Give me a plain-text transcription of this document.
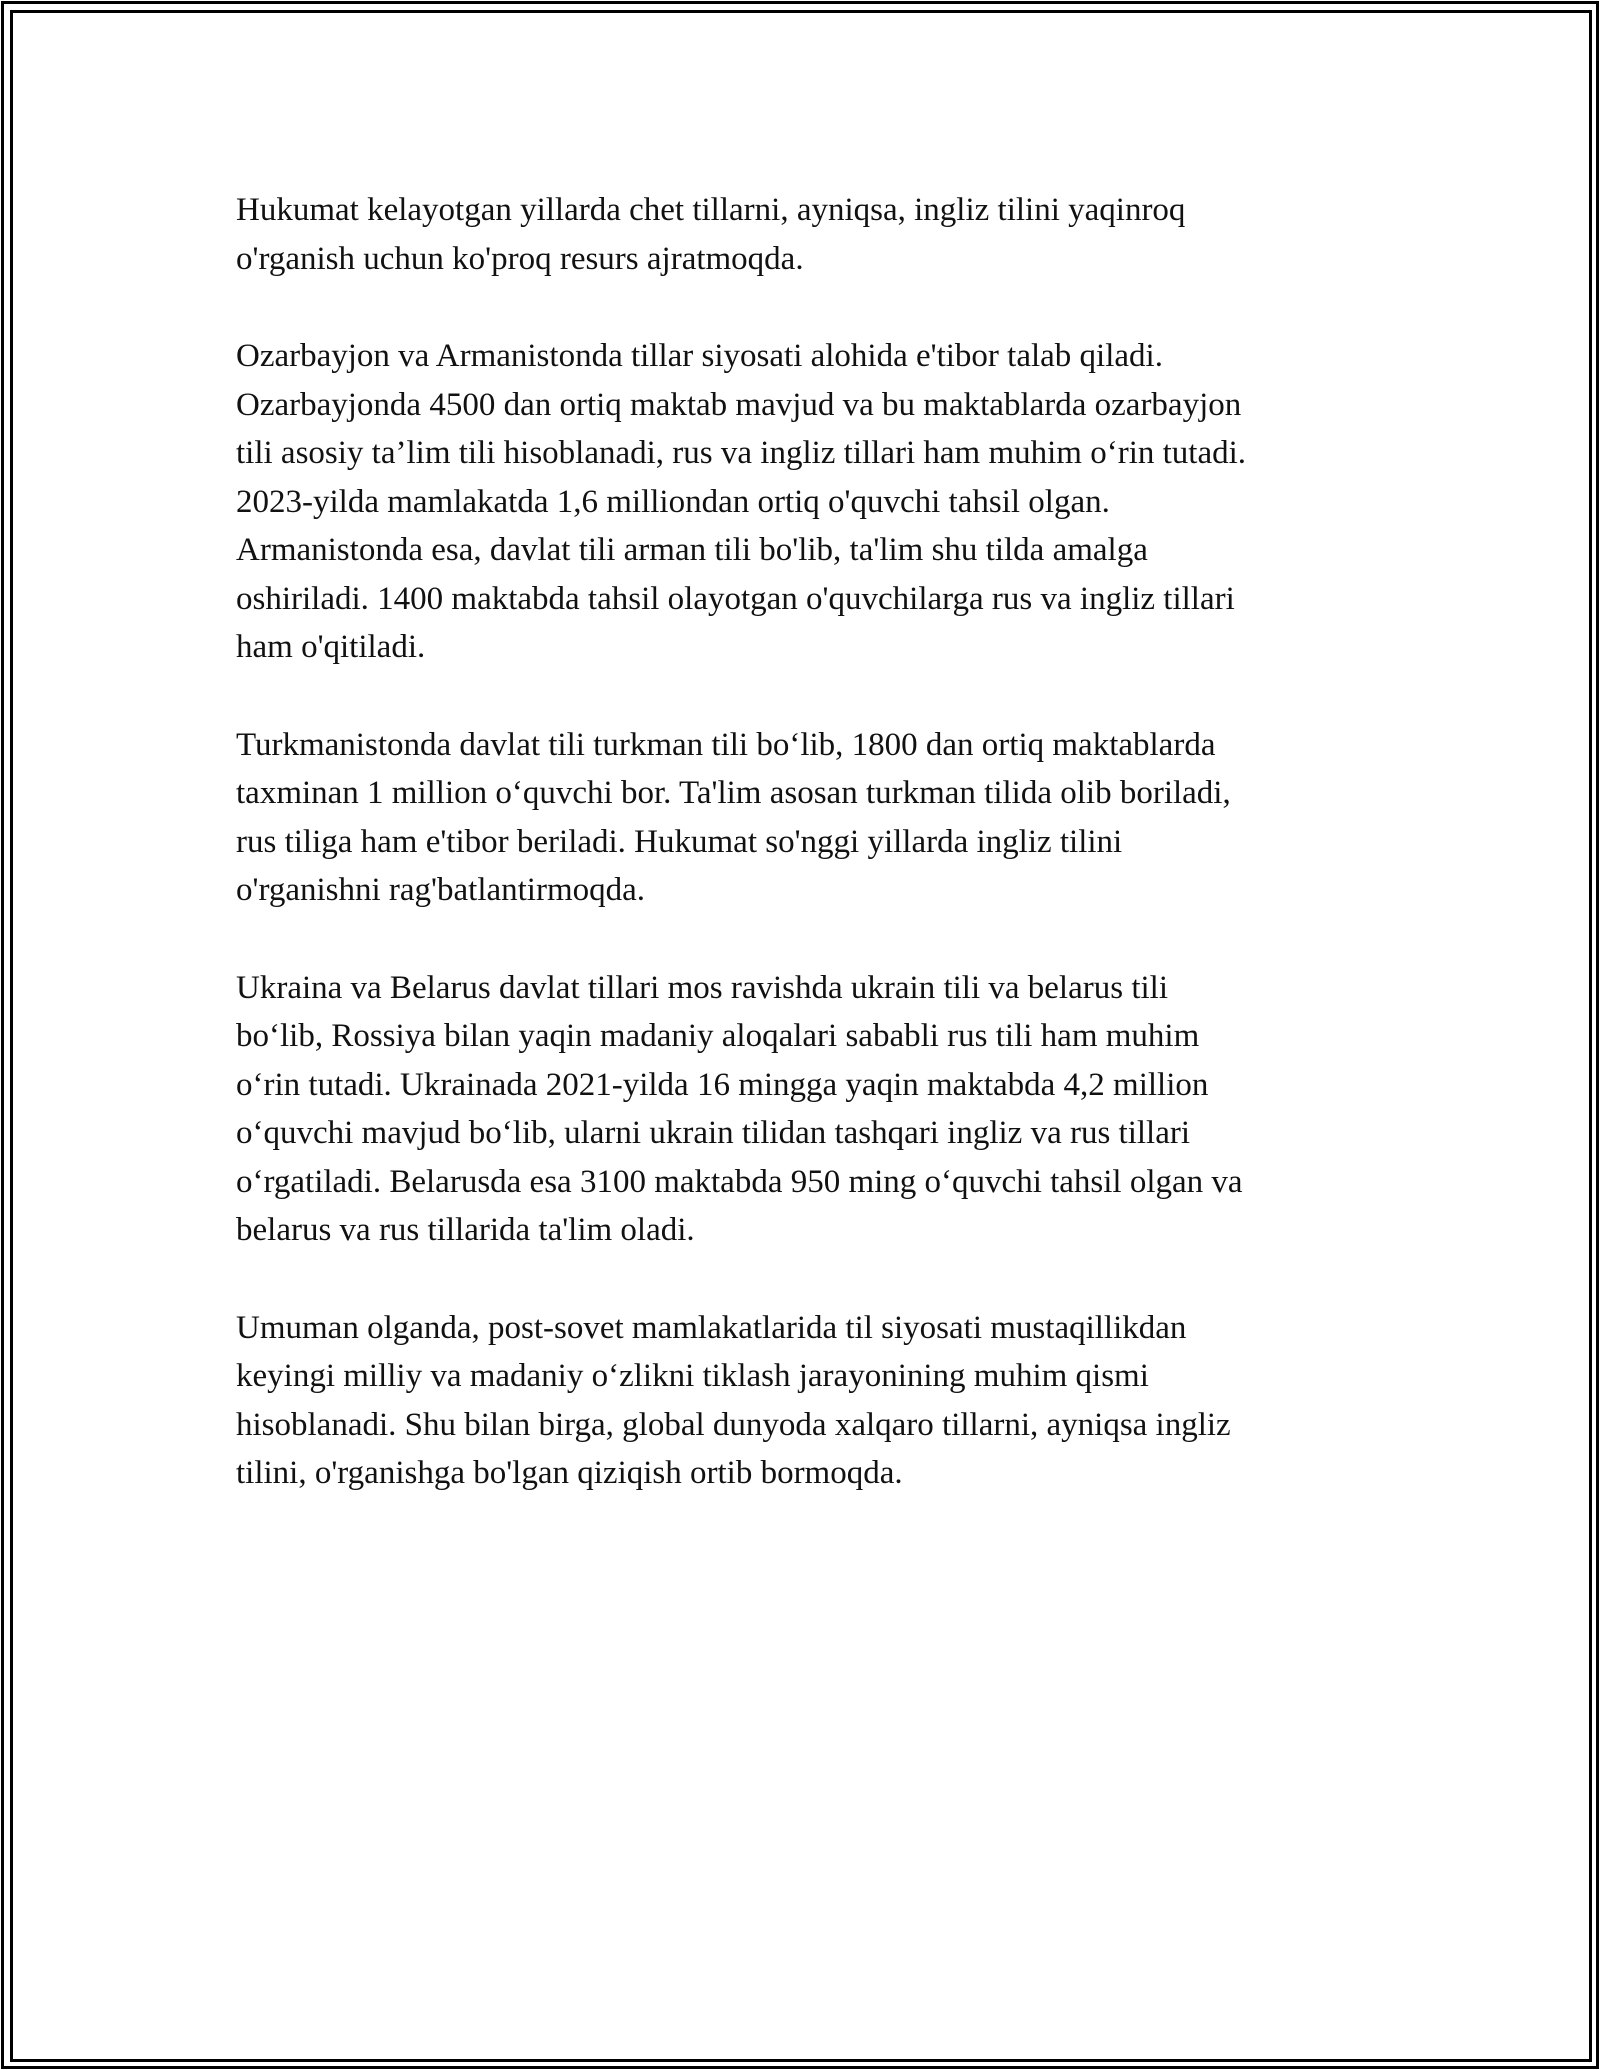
Hukumat kelayotgan yillarda chet tillarni, ayniqsa, ingliz tilini yaqinroq
o'rganish uchun ko'proq resurs ajratmoqda.

Ozarbayjon va Armanistonda tillar siyosati alohida e'tibor talab qiladi.
Ozarbayjonda 4500 dan ortiq maktab mavjud va bu maktablarda ozarbayjon
tili asosiy ta’lim tili hisoblanadi, rus va ingliz tillari ham muhim o‘rin tutadi.
2023-yilda mamlakatda 1,6 milliondan ortiq o'quvchi tahsil olgan.
Armanistonda esa, davlat tili arman tili bo'lib, ta'lim shu tilda amalga
oshiriladi. 1400 maktabda tahsil olayotgan o'quvchilarga rus va ingliz tillari
ham o'qitiladi.

Turkmanistonda davlat tili turkman tili bo‘lib, 1800 dan ortiq maktablarda
taxminan 1 million o‘quvchi bor. Ta'lim asosan turkman tilida olib boriladi,
rus tiliga ham e'tibor beriladi. Hukumat so'nggi yillarda ingliz tilini
o'rganishni rag'batlantirmoqda.

Ukraina va Belarus davlat tillari mos ravishda ukrain tili va belarus tili
bo‘lib, Rossiya bilan yaqin madaniy aloqalari sababli rus tili ham muhim
o‘rin tutadi. Ukrainada 2021-yilda 16 mingga yaqin maktabda 4,2 million
o‘quvchi mavjud bo‘lib, ularni ukrain tilidan tashqari ingliz va rus tillari
o‘rgatiladi. Belarusda esa 3100 maktabda 950 ming o‘quvchi tahsil olgan va
belarus va rus tillarida ta'lim oladi.

Umuman olganda, post-sovet mamlakatlarida til siyosati mustaqillikdan
keyingi milliy va madaniy o‘zlikni tiklash jarayonining muhim qismi
hisoblanadi. Shu bilan birga, global dunyoda xalqaro tillarni, ayniqsa ingliz
tilini, o'rganishga bo'lgan qiziqish ortib bormoqda.
